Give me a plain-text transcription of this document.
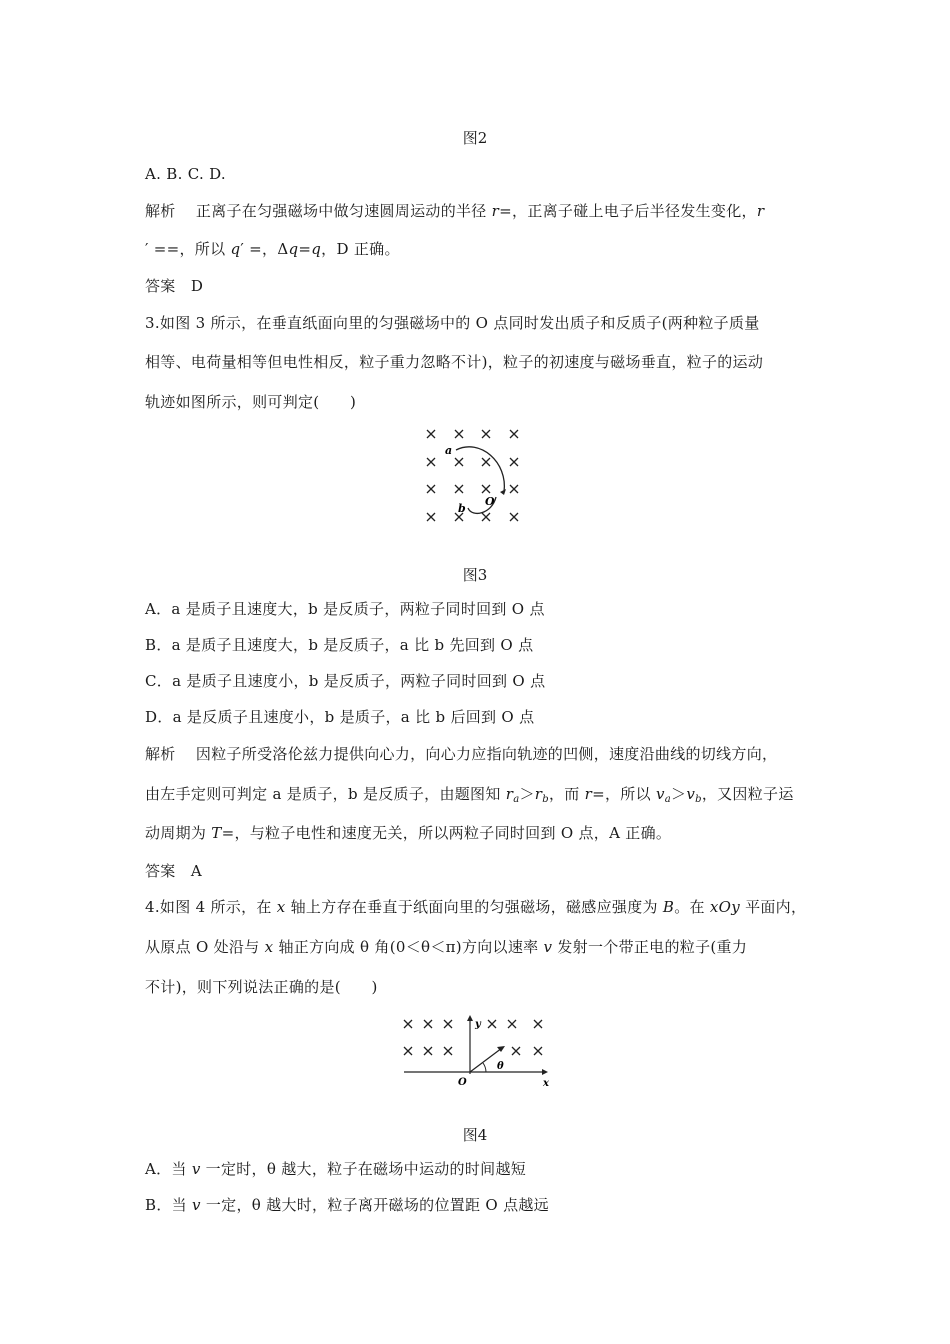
图2
A. B. C. D.
解析 正离子在匀强磁场中做匀速圆周运动的半径 r=，正离子碰上电子后半径发生变化，r
′ ==，所以 q′ =，Δq=q，D 正确。
答案 D
3.如图 3 所示，在垂直纸面向里的匀强磁场中的 O 点同时发出质子和反质子(两种粒子质量
相等、电荷量相等但电性相反，粒子重力忽略不计)，粒子的初速度与磁场垂直，粒子的运动
轨迹如图所示，则可判定(　　)
a
b
O
图3
A．a 是质子且速度大，b 是反质子，两粒子同时回到 O 点
B．a 是质子且速度大，b 是反质子，a 比 b 先回到 O 点
C．a 是质子且速度小，b 是反质子，两粒子同时回到 O 点
D．a 是反质子且速度小，b 是质子，a 比 b 后回到 O 点
解析 因粒子所受洛伦兹力提供向心力，向心力应指向轨迹的凹侧，速度沿曲线的切线方向，
由左手定则可判定 a 是质子，b 是反质子，由题图知 $r_a>r_b$，而 r=，所以 $v_a>v_b$，又因粒子运
动周期为 T=，与粒子电性和速度无关，所以两粒子同时回到 O 点，A 正确。
答案 A
4.如图 4 所示，在 x 轴上方存在垂直于纸面向里的匀强磁场，磁感应强度为 B。在 xOy 平面内，
从原点 O 处沿与 x 轴正方向成 θ 角(0＜θ＜π)方向以速率 v 发射一个带正电的粒子(重力
不计)，则下列说法正确的是(　　)
y
x
O
θ
图4
A．当 v 一定时，θ 越大，粒子在磁场中运动的时间越短
B．当 v 一定，θ 越大时，粒子离开磁场的位置距 O 点越远
